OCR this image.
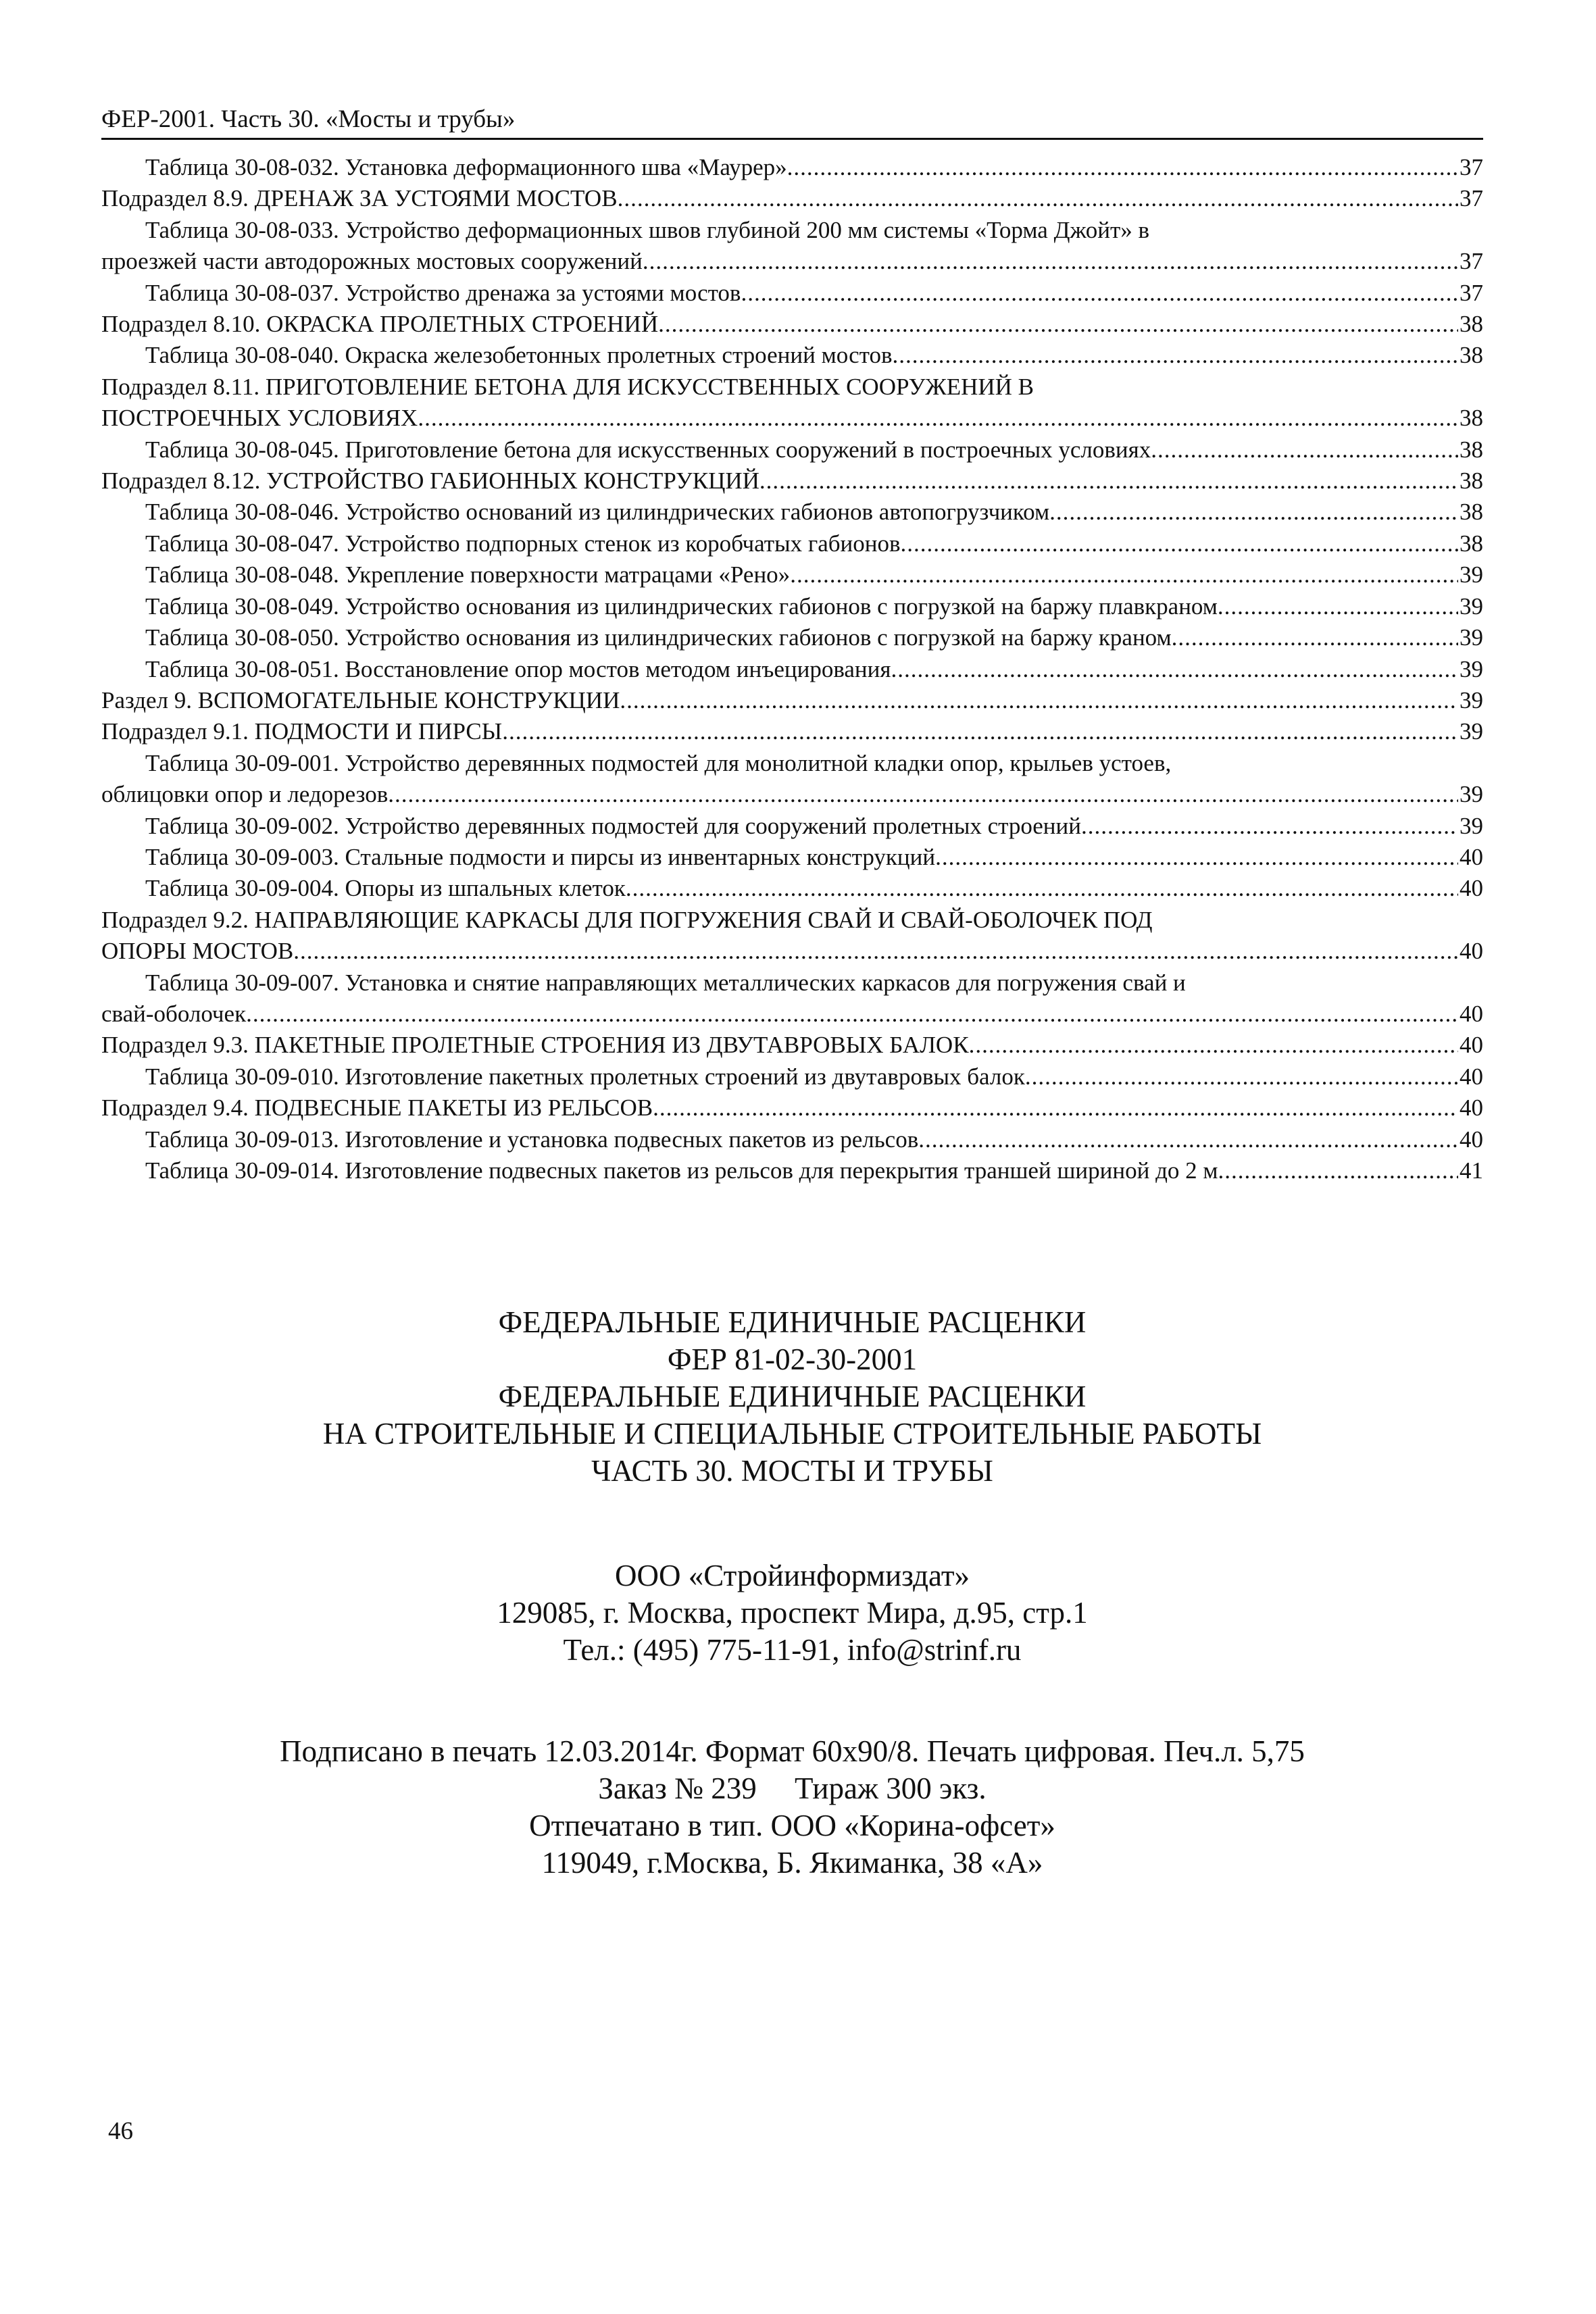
ФЕР-2001. Часть 30. «Мосты и трубы»
Таблица 30-08-032. Установка деформационного шва «Маурер» .....	37
Подраздел 8.9. ДРЕНАЖ ЗА УСТОЯМИ МОСТОВ .....	37
Таблица 30-08-033. Устройство деформационных швов глубиной 200 мм системы «Торма Джойт» в
проезжей части автодорожных мостовых сооружений .....	37
Таблица 30-08-037. Устройство дренажа за устоями мостов .....	37
Подраздел 8.10. ОКРАСКА ПРОЛЕТНЫХ СТРОЕНИЙ .....	38
Таблица 30-08-040. Окраска железобетонных пролетных строений мостов .....	38
Подраздел 8.11. ПРИГОТОВЛЕНИЕ БЕТОНА ДЛЯ ИСКУССТВЕННЫХ СООРУЖЕНИЙ В
ПОСТРОЕЧНЫХ УСЛОВИЯХ .....	38
Таблица 30-08-045. Приготовление бетона для искусственных сооружений в построечных условиях .....	38
Подраздел 8.12. УСТРОЙСТВО ГАБИОННЫХ КОНСТРУКЦИЙ .....	38
Таблица 30-08-046. Устройство оснований из цилиндрических габионов автопогрузчиком .....	38
Таблица 30-08-047. Устройство подпорных стенок из коробчатых габионов .....	38
Таблица 30-08-048. Укрепление поверхности матрацами «Рено» .....	39
Таблица 30-08-049. Устройство основания из цилиндрических габионов с погрузкой на баржу плавкраном .....	39
Таблица 30-08-050. Устройство основания из цилиндрических габионов с погрузкой на баржу краном .....	39
Таблица 30-08-051. Восстановление опор мостов методом инъецирования .....	39
Раздел 9. ВСПОМОГАТЕЛЬНЫЕ КОНСТРУКЦИИ .....	39
Подраздел 9.1. ПОДМОСТИ И ПИРСЫ .....	39
Таблица 30-09-001. Устройство деревянных подмостей для монолитной кладки опор, крыльев устоев,
облицовки опор и ледорезов .....	39
Таблица 30-09-002. Устройство деревянных подмостей для сооружений пролетных строений .....	39
Таблица 30-09-003. Стальные подмости и пирсы из инвентарных конструкций .....	40
Таблица 30-09-004. Опоры из шпальных клеток .....	40
Подраздел 9.2. НАПРАВЛЯЮЩИЕ КАРКАСЫ ДЛЯ ПОГРУЖЕНИЯ СВАЙ И СВАЙ-ОБОЛОЧЕК ПОД
ОПОРЫ МОСТОВ .....	40
Таблица 30-09-007. Установка и снятие направляющих металлических каркасов для погружения свай и
свай-оболочек .....	40
Подраздел 9.3. ПАКЕТНЫЕ ПРОЛЕТНЫЕ СТРОЕНИЯ ИЗ ДВУТАВРОВЫХ БАЛОК .....	40
Таблица 30-09-010. Изготовление пакетных пролетных строений из двутавровых балок .....	40
Подраздел 9.4. ПОДВЕСНЫЕ ПАКЕТЫ ИЗ РЕЛЬСОВ .....	40
Таблица 30-09-013. Изготовление и установка подвесных пакетов из рельсов .....	40
Таблица 30-09-014. Изготовление подвесных пакетов из рельсов для перекрытия траншей шириной до 2 м .....	41
ФЕДЕРАЛЬНЫЕ ЕДИНИЧНЫЕ РАСЦЕНКИ
ФЕР 81-02-30-2001
ФЕДЕРАЛЬНЫЕ ЕДИНИЧНЫЕ РАСЦЕНКИ
НА СТРОИТЕЛЬНЫЕ И СПЕЦИАЛЬНЫЕ СТРОИТЕЛЬНЫЕ РАБОТЫ
ЧАСТЬ 30. МОСТЫ И ТРУБЫ
ООО «Стройинформиздат»
129085, г. Москва, проспект Мира, д.95, стр.1
Тел.: (495) 775-11-91, info@strinf.ru
Подписано в печать 12.03.2014г. Формат 60х90/8. Печать цифровая. Печ.л. 5,75
Заказ № 239     Тираж 300 экз.
Отпечатано в тип. ООО «Корина-офсет»
119049, г.Москва, Б. Якиманка, 38 «А»
46
